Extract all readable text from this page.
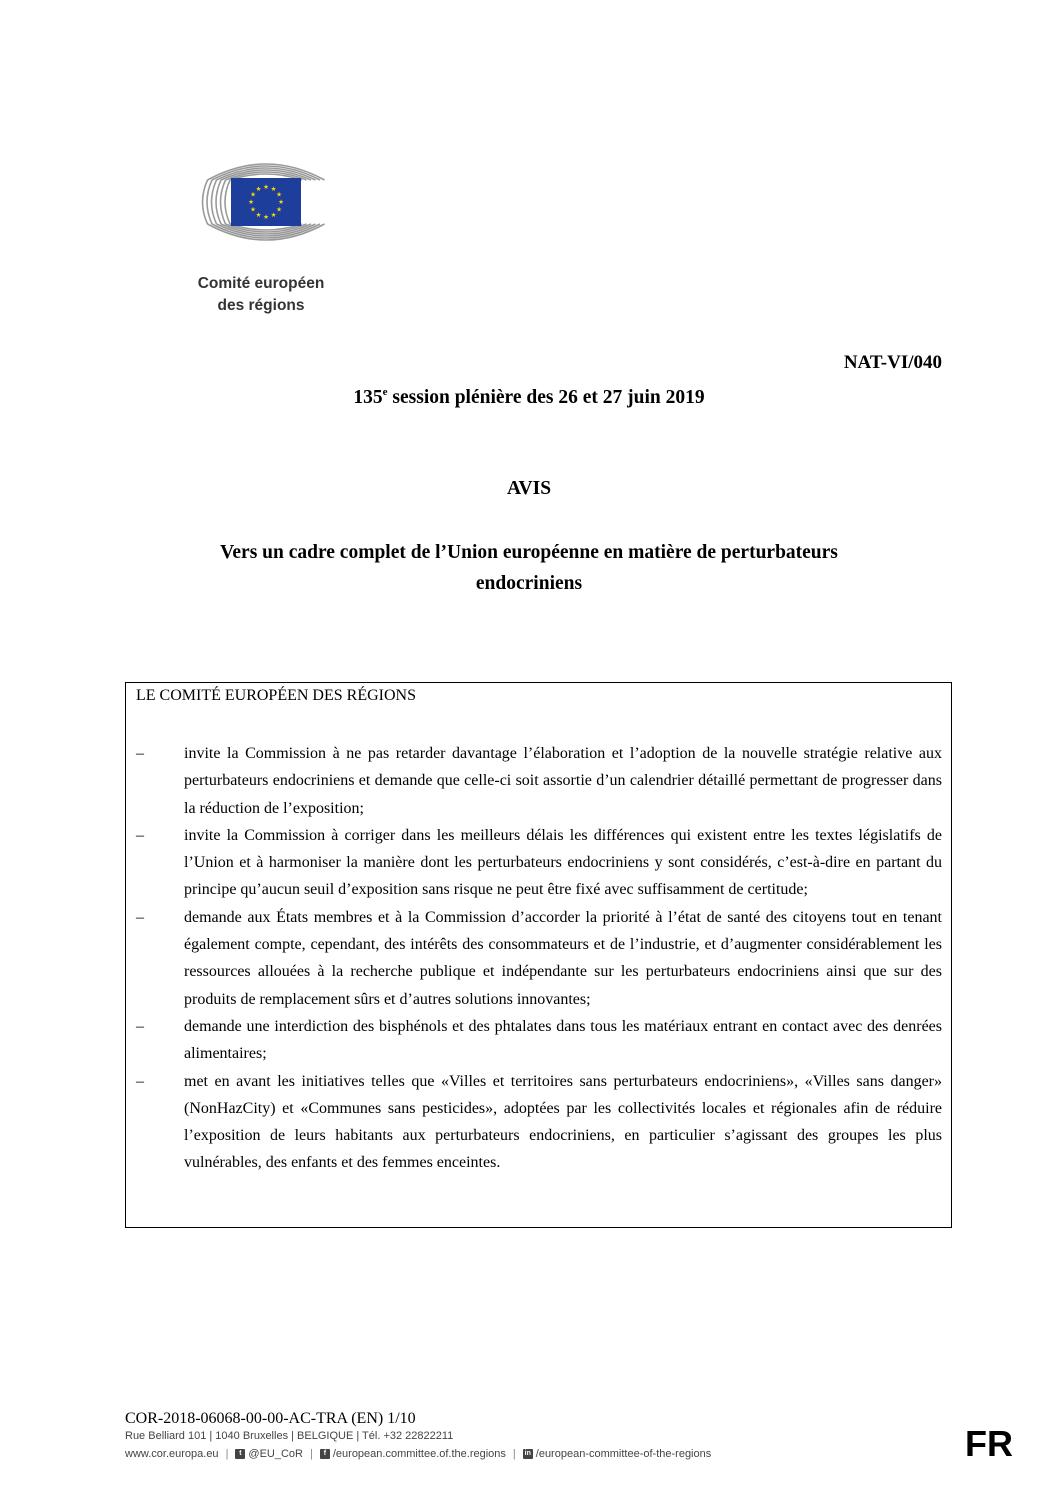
★ ★
★
★
★
★
★
★
★
★
★
★
Comité européen
des régions
NAT-VI/040
135e session plénière des 26 et 27 juin 2019
AVIS
Vers un cadre complet de l’Union européenne en matière de perturbateurs
endocriniens
LE COMITÉ EUROPÉEN DES RÉGIONS
–	invite la Commission à ne pas retarder davantage l’élaboration et l’adoption de la nouvelle stratégie relative aux perturbateurs endocriniens et demande que celle-ci soit assortie d’un calendrier détaillé permettant de progresser dans la réduction de l’exposition;
–	invite la Commission à corriger dans les meilleurs délais les différences qui existent entre les textes législatifs de l’Union et à harmoniser la manière dont les perturbateurs endocriniens y sont considérés, c’est-à-dire en partant du principe qu’aucun seuil d’exposition sans risque ne peut être fixé avec suffisamment de certitude;
–	demande aux États membres et à la Commission d’accorder la priorité à l’état de santé des citoyens tout en tenant également compte, cependant, des intérêts des consommateurs et de l’industrie, et d’augmenter considérablement les ressources allouées à la recherche publique et indépendante sur les perturbateurs endocriniens ainsi que sur des produits de remplacement sûrs et d’autres solutions innovantes;
–	demande une interdiction des bisphénols et des phtalates dans tous les matériaux entrant en contact avec des denrées alimentaires;
–	met en avant les initiatives telles que «Villes et territoires sans perturbateurs endocriniens», «Villes sans danger» (NonHazCity) et «Communes sans pesticides», adoptées par les collectivités locales et régionales afin de réduire l’exposition de leurs habitants aux perturbateurs endocriniens, en particulier s’agissant des groupes les plus vulnérables, des enfants et des femmes enceintes.
COR-2018-06068-00-00-AC-TRA (EN) 1/10
Rue Belliard 101 | 1040 Bruxelles | BELGIQUE | Tél. +32 22822211
www.cor.europa.eu |	t @EU_CoR |	f /european.committee.of.the.regions | in /european-committee-of-the-regions	FR
